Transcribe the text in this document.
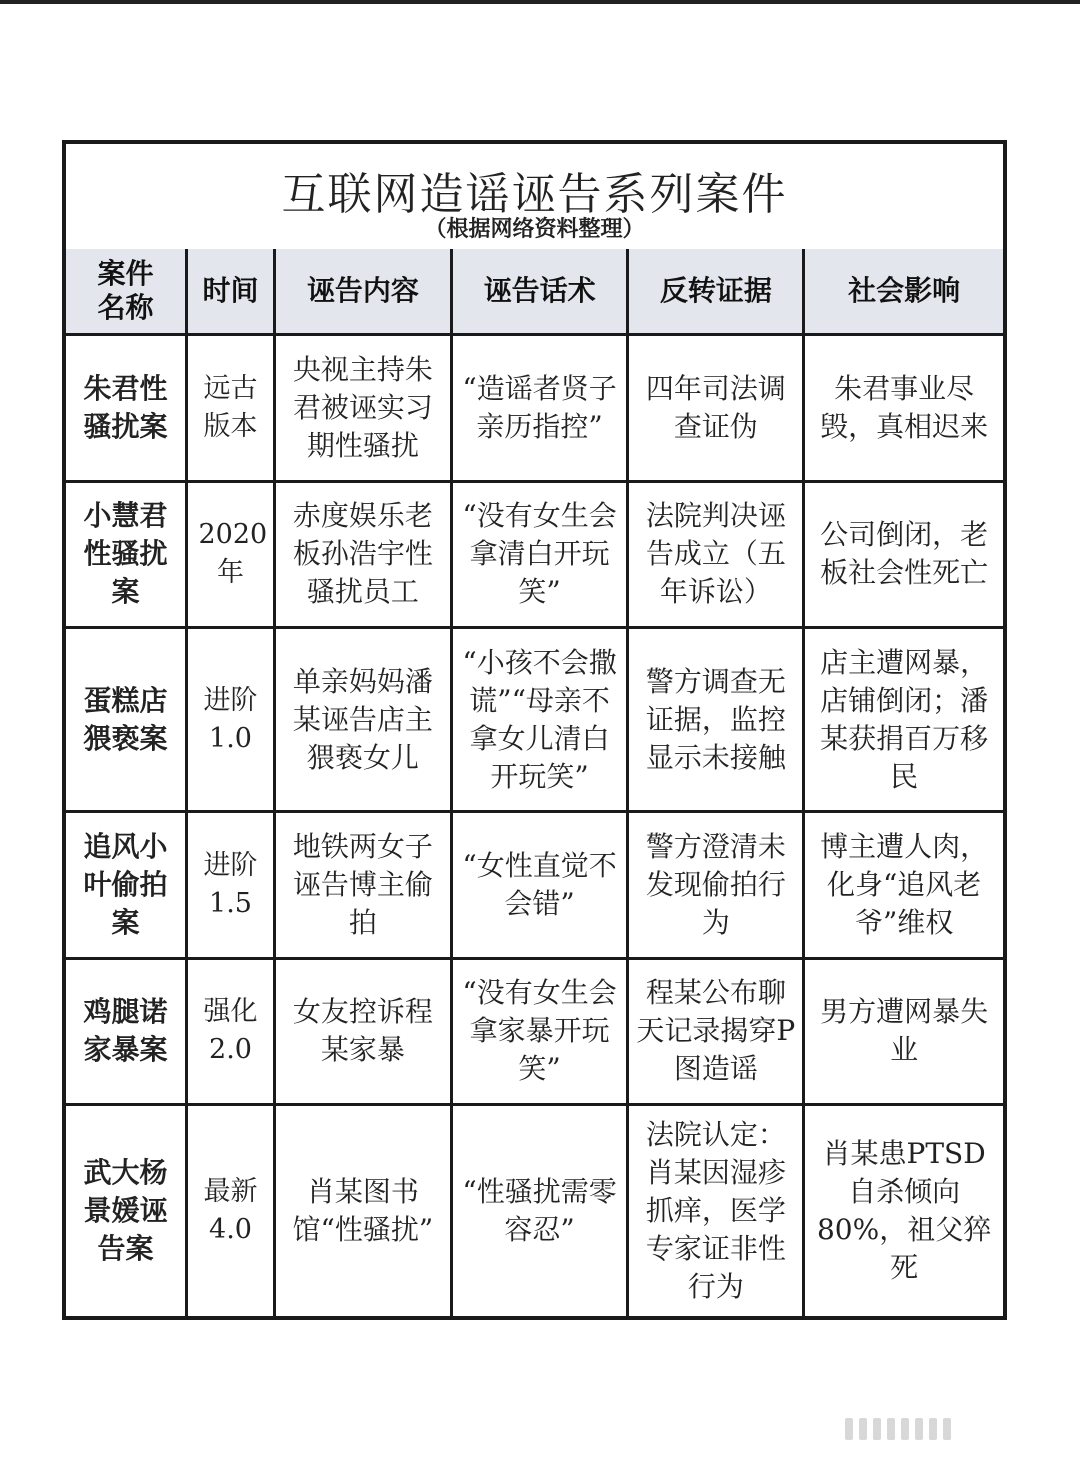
互联网造谣诬告系列案件
（根据网络资料整理）
案件名称	时间	诬告内容	诬告话术	反转证据	社会影响

朱君性骚扰案	远古版本	央视主持朱君被诬实习期性骚扰	“造谣者贤子亲历指控”	四年司法调查证伪	朱君事业尽毁，真相迟来

小慧君性骚扰案	2020年	赤度娱乐老板孙浩宇性骚扰员工	“没有女生会拿清白开玩笑”	法院判决诬告成立（五年诉讼）	公司倒闭，老板社会性死亡

蛋糕店猥亵案	进阶1.0	单亲妈妈潘某诬告店主猥亵女儿	“小孩不会撒谎”“母亲不拿女儿清白开玩笑”	警方调查无证据，监控显示未接触	店主遭网暴，店铺倒闭；潘某获捐百万移民

追风小叶偷拍案	进阶1.5	地铁两女子诬告博主偷拍	“女性直觉不会错”	警方澄清未发现偷拍行为	博主遭人肉，化身“追风老爷”维权

鸡腿诺家暴案	强化2.0	女友控诉程某家暴	“没有女生会拿家暴开玩笑”	程某公布聊天记录揭穿P图造谣	男方遭网暴失业

武大杨景媛诬告案	最新4.0	肖某图书馆“性骚扰”	“性骚扰需零容忍”	法院认定：肖某因湿疹抓痒，医学专家证非性行为	肖某患PTSD自杀倾向80%，祖父猝死
